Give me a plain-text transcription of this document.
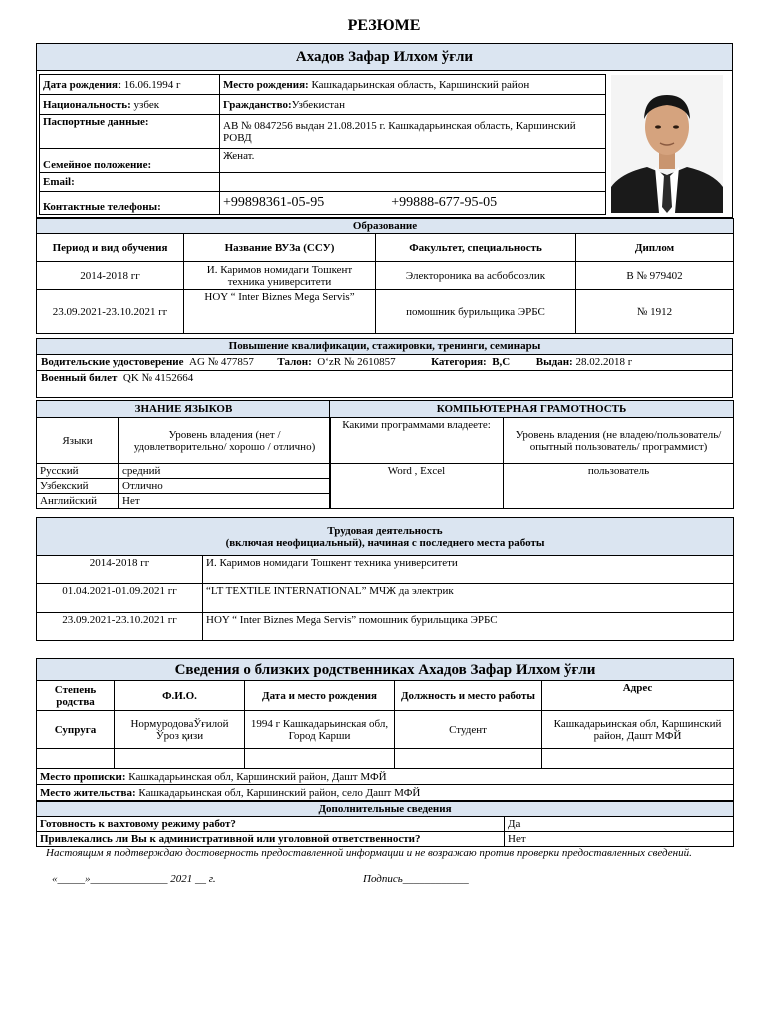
РЕЗЮМЕ
Ахадов Зафар Илхом ўғли
Дата рождения: 16.06.1994 г	Место рождения: Кашкадарьинская область, Каршинский район
Национальность: узбек	Гражданство:Узбекистан
Паспортные данные:	АВ № 0847256 выдан 21.08.2015 г. Кашкадарьинская область, Каршинский РОВД
Семейное положение:	Женат.
Email:	
Контактные телефоны:	+99898361-05-95 +99888-677-95-05
Образование			
Период и вид обучения	Название ВУЗа (ССУ)	Факультет, специальность	Диплом
2014-2018 гг	И. Каримов номидаги Тошкент техника университети	Электороника ва асбобсозлик	В № 979402
23.09.2021-23.10.2021 гг	HOY “ Inter Biznes Mega Servis”	помошник бурильщика ЭРБС	№ 1912
Повышение квалификации, стажировки, тренинги, семинары
Водительские удостоверение AG № 477857 Талон: O‘zR № 2610857	Категория: B,C Выдан: 28.02.2018 г
Военный билет QK № 4152664
ЗНАНИЕ ЯЗЫКОВ	
Языки	Уровень владения (нет / удовлетворительно/ хорошо / отлично)
Русский	средний
Узбекский	Отлично
Английский	Нет
КОМПЬЮТЕРНАЯ ГРАМОТНОСТЬ	
Какими программами владеете:	Уровень владения (не владею/пользователь/ опытный пользователь/ программист)
Word , Excel	пользователь
Трудовая деятельность
(включая неофициальный), начиная с последнего места работы	

2014-2018 гг	И. Каримов номидаги Тошкент техника университети
01.04.2021-01.09.2021 гг	“LT TEXTILE INTERNATIONAL” МЧЖ да электрик
23.09.2021-23.10.2021 гг	HOY “ Inter Biznes Mega Servis” помошник бурильщика ЭРБС
Сведения о близких родственниках Ахадов Зафар Илхом ўғли				
Степень родства	Ф.И.О.	Дата и место рождения	Должность и место работы	Адрес
Супруга	НормуродоваЎғилой Ўроз қизи	1994 г Кашкадарьинская обл, Город Карши	Студент	Кашкадарьинская обл, Каршинский район, Дашт МФЙ

Место прописки: Кашкадарьинская обл, Каршинский район, Дашт МФЙ				
Место жительства: Кашкадарьинская обл, Каршинский район, село Дашт МФЙ				
Дополнительные сведения	
Готовность к вахтовому режиму работ?	Да
Привлекались ли Вы к административной или уголовной ответственности?	Нет
Настоящим я подтверждаю достоверность предоставленной информации и не возражаю против проверки предоставленных сведений.
«_____»______________ 2021 __ г.	Подпись____________
